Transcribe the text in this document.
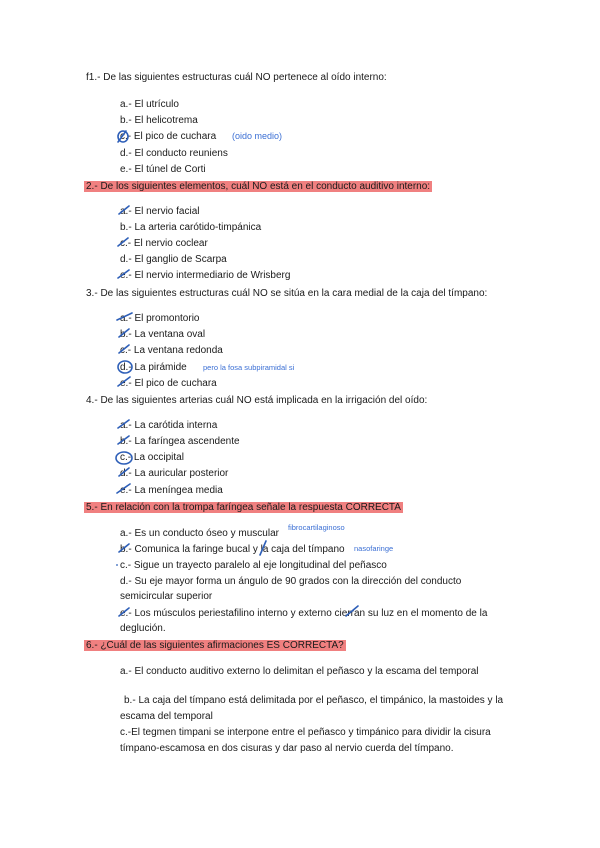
f1.- De las siguientes estructuras cuál NO pertenece al oído interno:
a.- El utrículo
b.- El helicotrema
c.- El pico de cuchara (oido medio)
d.- El conducto reuniens
e.- El túnel de Corti
2.- De los siguientes elementos, cuál NO está en el conducto auditivo interno:
a.- El nervio facial
b.- La arteria carótido-timpánica
c.- El nervio coclear
d.- El ganglio de Scarpa
e.- El nervio intermediario de Wrisberg
3.- De las siguientes estructuras cuál NO se sitúa en la cara medial de la caja del tímpano:
a.- El promontorio
b.- La ventana oval
c.- La ventana redonda
d.- La pirámide pero la fosa subpiramidal si
e.- El pico de cuchara
4.- De las siguientes arterias cuál NO está implicada en la irrigación del oído:
a.- La carótida interna
b.- La faríngea ascendente
c.- La occipital
d.- La auricular posterior
e.- La meníngea media
5.- En relación con la trompa faríngea señale la respuesta CORRECTA
a.- Es un conducto óseo y muscular
fibrocartilaginoso
b.- Comunica la faringe bucal y la caja del tímpano nasofaringe
c.- Sigue un trayecto paralelo al eje longitudinal del peñasco
d.- Su eje mayor forma un ángulo de 90 grados con la dirección del conducto
semicircular superior
e.- Los músculos periestafilino interno y externo cierran su luz en el momento de la
deglución.
6.- ¿Cuál de las siguientes afirmaciones ES CORRECTA?
a.- El conducto auditivo externo lo delimitan el peñasco y la escama del temporal
b.- La caja del tímpano está delimitada por el peñasco, el timpánico, la mastoides y la
escama del temporal
c.-El tegmen timpani se interpone entre el peñasco y timpánico para dividir la cisura
tímpano-escamosa en dos cisuras y dar paso al nervio cuerda del tímpano.
